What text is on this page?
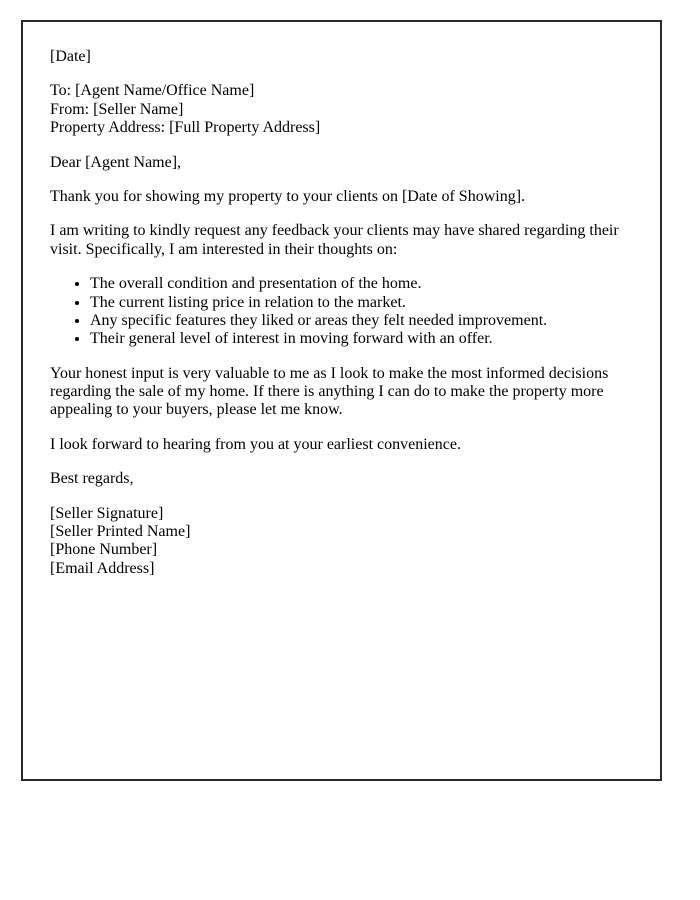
[Date]

To: [Agent Name/Office Name]
From: [Seller Name]
Property Address: [Full Property Address]

Dear [Agent Name],

Thank you for showing my property to your clients on [Date of Showing].

I am writing to kindly request any feedback your clients may have shared regarding their visit. Specifically, I am interested in their thoughts on:

• The overall condition and presentation of the home.
• The current listing price in relation to the market.
• Any specific features they liked or areas they felt needed improvement.
• Their general level of interest in moving forward with an offer.

Your honest input is very valuable to me as I look to make the most informed decisions regarding the sale of my home. If there is anything I can do to make the property more appealing to your buyers, please let me know.

I look forward to hearing from you at your earliest convenience.

Best regards,

[Seller Signature]
[Seller Printed Name]
[Phone Number]
[Email Address]
